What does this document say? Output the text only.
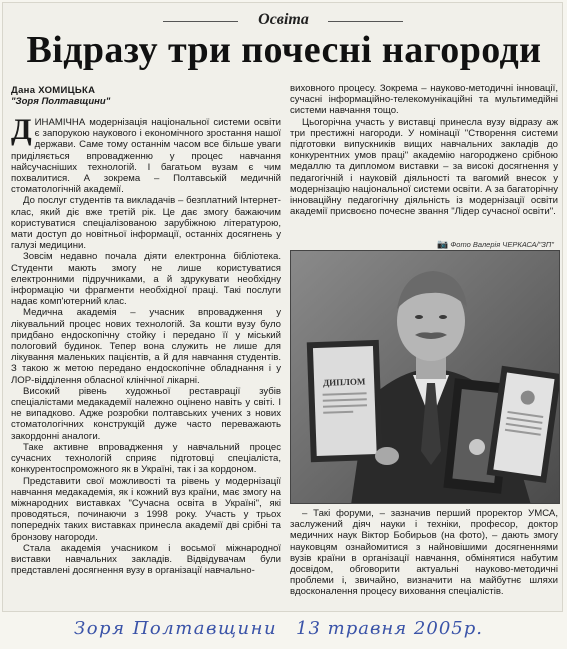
Освіта
Відразу три почесні нагороди
Дана ХОМИЦЬКА
"Зоря Полтавщини"

ДИНАМІЧНА модернізація національної системи освіти є запорукою наукового і економічного зростання нашої держави. Саме тому останнім часом все більше уваги приділяється впровадженню у процес навчання найсучасніших технологій. І багатьом вузам є чим похвалитися. А зокрема – Полтавській медичній стоматологічній академії.

До послуг студентів та викладачів – безплатний Інтернет-клас, який діє вже третій рік. Це дає змогу бажаючим користуватися спеціалізованою зарубіжною літературою, мати доступ до новітньої інформації, останніх досягнень у галузі медицини.

Зовсім недавно почала діяти електронна бібліотека. Студенти мають змогу не лише користуватися електронними підручниками, а й здрукувати необхідну інформацію чи фрагменти необхідної праці. Такі послуги надає комп'ютерний клас.

Медична академія – учасник впровадження у лікувальний процес нових технологій. За кошти вузу було придбано ендоскопічну стойку і передано її у міський пологовий будинок. Тепер вона служить не лише для лікування маленьких пацієнтів, а й для навчання студентів. З такою ж метою передано ендоскопічне обладнання і у ЛОР-відділення обласної клінічної лікарні.

Високий рівень художньої реставрації зубів спеціалістами медакадемії належно оцінено навіть у світі. І не випадково. Адже розробки полтавських учених з нових стоматологічних конструкцій дуже часто переважають закордонні аналоги.

Таке активне впровадження у навчальний процес сучасних технологій сприяє підготовці спеціаліста, конкурентоспроможного як в Україні, так і за кордоном.

Представити свої можливості та рівень у модернізації навчання медакадемія, як і кожний вуз країни, має змогу на міжнародних виставках "Сучасна освіта в Україні", які проводяться, починаючи з 1998 року. Участь у трьох попередніх таких виставках принесла академії дві срібні та бронзову нагороди.

Стала академія учасником і восьмої міжнародної виставки навчальних закладів. Відвідувачам були представлені досягнення вузу в організації навчально-

виховного процесу. Зокрема – науково-методичні інновації, сучасні інформаційно-телекомунікаційні та мультимедійні системи навчання тощо.

Цьогорічна участь у виставці принесла вузу відразу аж три престижні нагороди. У номінації "Створення системи підготовки випускників вищих навчальних закладів до конкурентних умов праці" академію нагороджено срібною медаллю та дипломом виставки – за високі досягнення у педагогічній і науковій діяльності та вагомий внесок у модернізацію національної системи освіти. А за багаторічну інноваційну педагогічну діяльність із модернізації освіти академії присвоєно почесне звання "Лідер сучасної освіти".

📷 Фото Валерія ЧЕРКАСА/"ЗП"
ДИПЛОМ

– Такі форуми, – зазначив перший проректор УМСА, заслужений діяч науки і техніки, професор, доктор медичних наук Віктор Бобирьов (на фото), – дають змогу науковцям ознайомитися з найновішими досягненнями вузів країни в організації навчання, обмінятися набутим досвідом, обговорити актуальні науково-методичні проблеми і, звичайно, визначити на майбутнє шляхи вдосконалення процесу виховання спеціалістів.

Зоря Полтавщини 13 травня 2005р.
